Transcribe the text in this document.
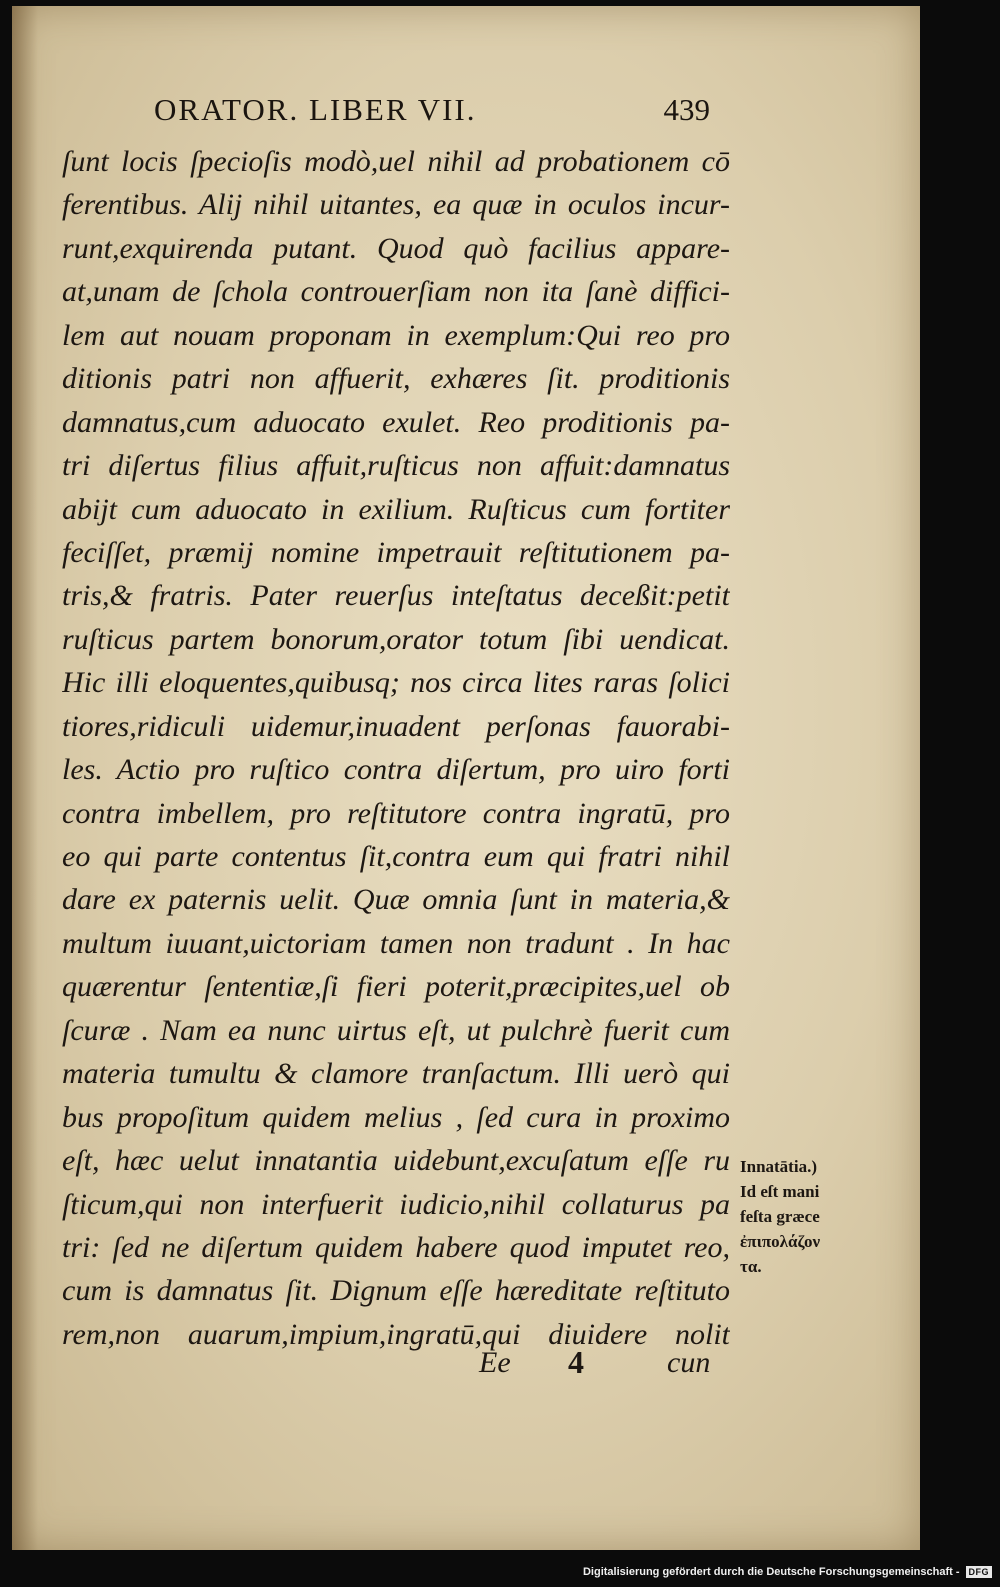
ORATOR. LIBER VII.	439
ſunt locis ſpecioſis modò,uel nihil ad probationem cō
ferentibus. Alij nihil uitantes, ea quæ in oculos incur-
runt,exquirenda putant. Quod quò facilius appare-
at,unam de ſchola controuerſiam non ita ſanè diffici-
lem aut nouam proponam in exemplum:Qui reo pro
ditionis patri non affuerit, exhæres ſit. proditionis
damnatus,cum aduocato exulet. Reo proditionis pa-
tri diſertus filius affuit,ruſticus non affuit:damnatus
abijt cum aduocato in exilium. Ruſticus cum fortiter
feciſſet, præmij nomine impetrauit reſtitutionem pa-
tris,& fratris. Pater reuerſus inteſtatus deceßit:petit
ruſticus partem bonorum,orator totum ſibi uendicat.
Hic illi eloquentes,quibusq; nos circa lites raras ſolici
tiores,ridiculi uidemur,inuadent perſonas fauorabi-
les. Actio pro ruſtico contra diſertum, pro uiro forti
contra imbellem, pro reſtitutore contra ingratū, pro
eo qui parte contentus ſit,contra eum qui fratri nihil
dare ex paternis uelit. Quæ omnia ſunt in materia,&
multum iuuant,uictoriam tamen non tradunt . In hac
quærentur ſententiæ,ſi fieri poterit,præcipites,uel ob
ſcuræ . Nam ea nunc uirtus eſt, ut pulchrè fuerit cum
materia tumultu & clamore tranſactum. Illi uerò qui
bus propoſitum quidem melius , ſed cura in proximo
eſt, hæc uelut innatantia uidebunt,excuſatum eſſe ru
ſticum,qui non interfuerit iudicio,nihil collaturus pa
tri: ſed ne diſertum quidem habere quod imputet reo,
cum is damnatus ſit. Dignum eſſe hæreditate reſtituto
rem,non auarum,impium,ingratū,qui diuidere nolit
Innatātia.)
Id eſt mani
feſta græce
ἐπιπολάζον
τα.
Ee 4	cun
Digitalisierung gefördert durch die Deutsche Forschungsgemeinschaft -	DFG
